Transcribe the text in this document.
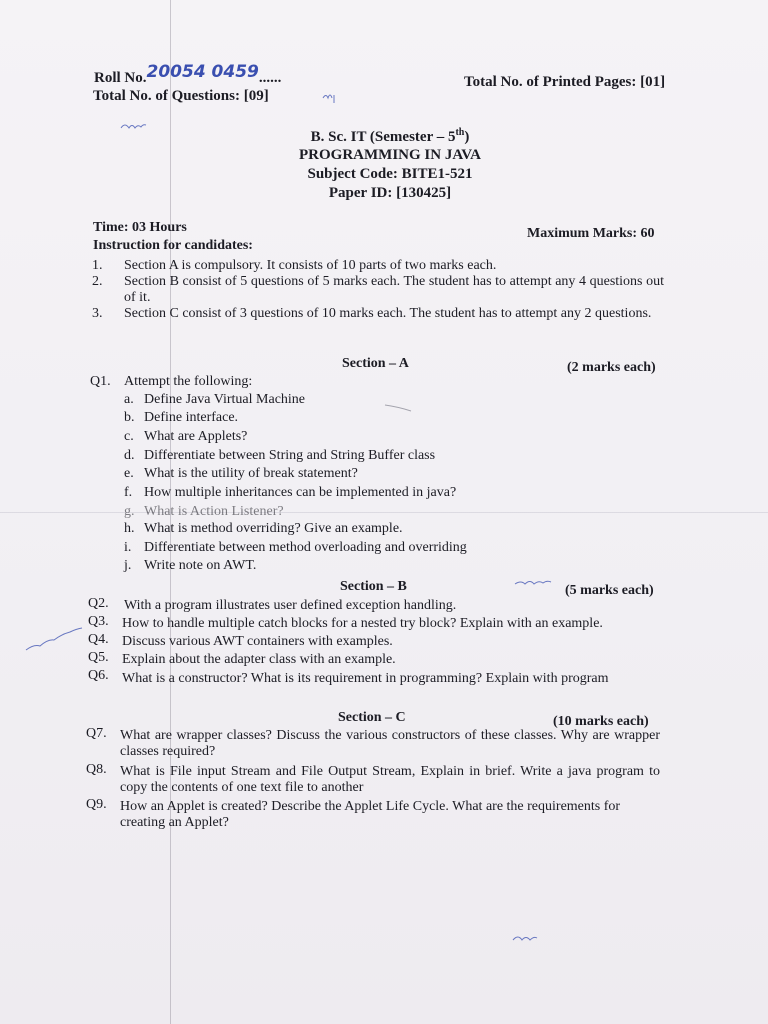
Roll No.20054 0459......
Total No. of Questions: [09]
Total No. of Printed Pages: [01]
B. Sc. IT (Semester – 5th)
PROGRAMMING IN JAVA
Subject Code: BITE1-521
Paper ID: [130425]
Time: 03 Hours	Maximum Marks: 60
Instruction for candidates:
1. Section A is compulsory. It consists of 10 parts of two marks each.
2. Section B consist of 5 questions of 5 marks each. The student has to attempt any 4 questions out of it.
3. Section C consist of 3 questions of 10 marks each. The student has to attempt any 2 questions.
Section – A	(2 marks each)
Q1. Attempt the following:
a. Define Java Virtual Machine
b. Define interface.
c. What are Applets?
d. Differentiate between String and String Buffer class
e. What is the utility of break statement?
f. How multiple inheritances can be implemented in java?
g. What is Action Listener?
h. What is method overriding? Give an example.
i. Differentiate between method overloading and overriding
j. Write note on AWT.
Section – B	(5 marks each)
Q2. With a program illustrates user defined exception handling.
Q3. How to handle multiple catch blocks for a nested try block? Explain with an example.
Q4. Discuss various AWT containers with examples.
Q5. Explain about the adapter class with an example.
Q6. What is a constructor? What is its requirement in programming? Explain with program
Section – C	(10 marks each)
Q7. What are wrapper classes? Discuss the various constructors of these classes. Why are wrapper classes required?
Q8. What is File input Stream and File Output Stream, Explain in brief. Write a java program to copy the contents of one text file to another
Q9. How an Applet is created? Describe the Applet Life Cycle. What are the requirements for creating an Applet?
